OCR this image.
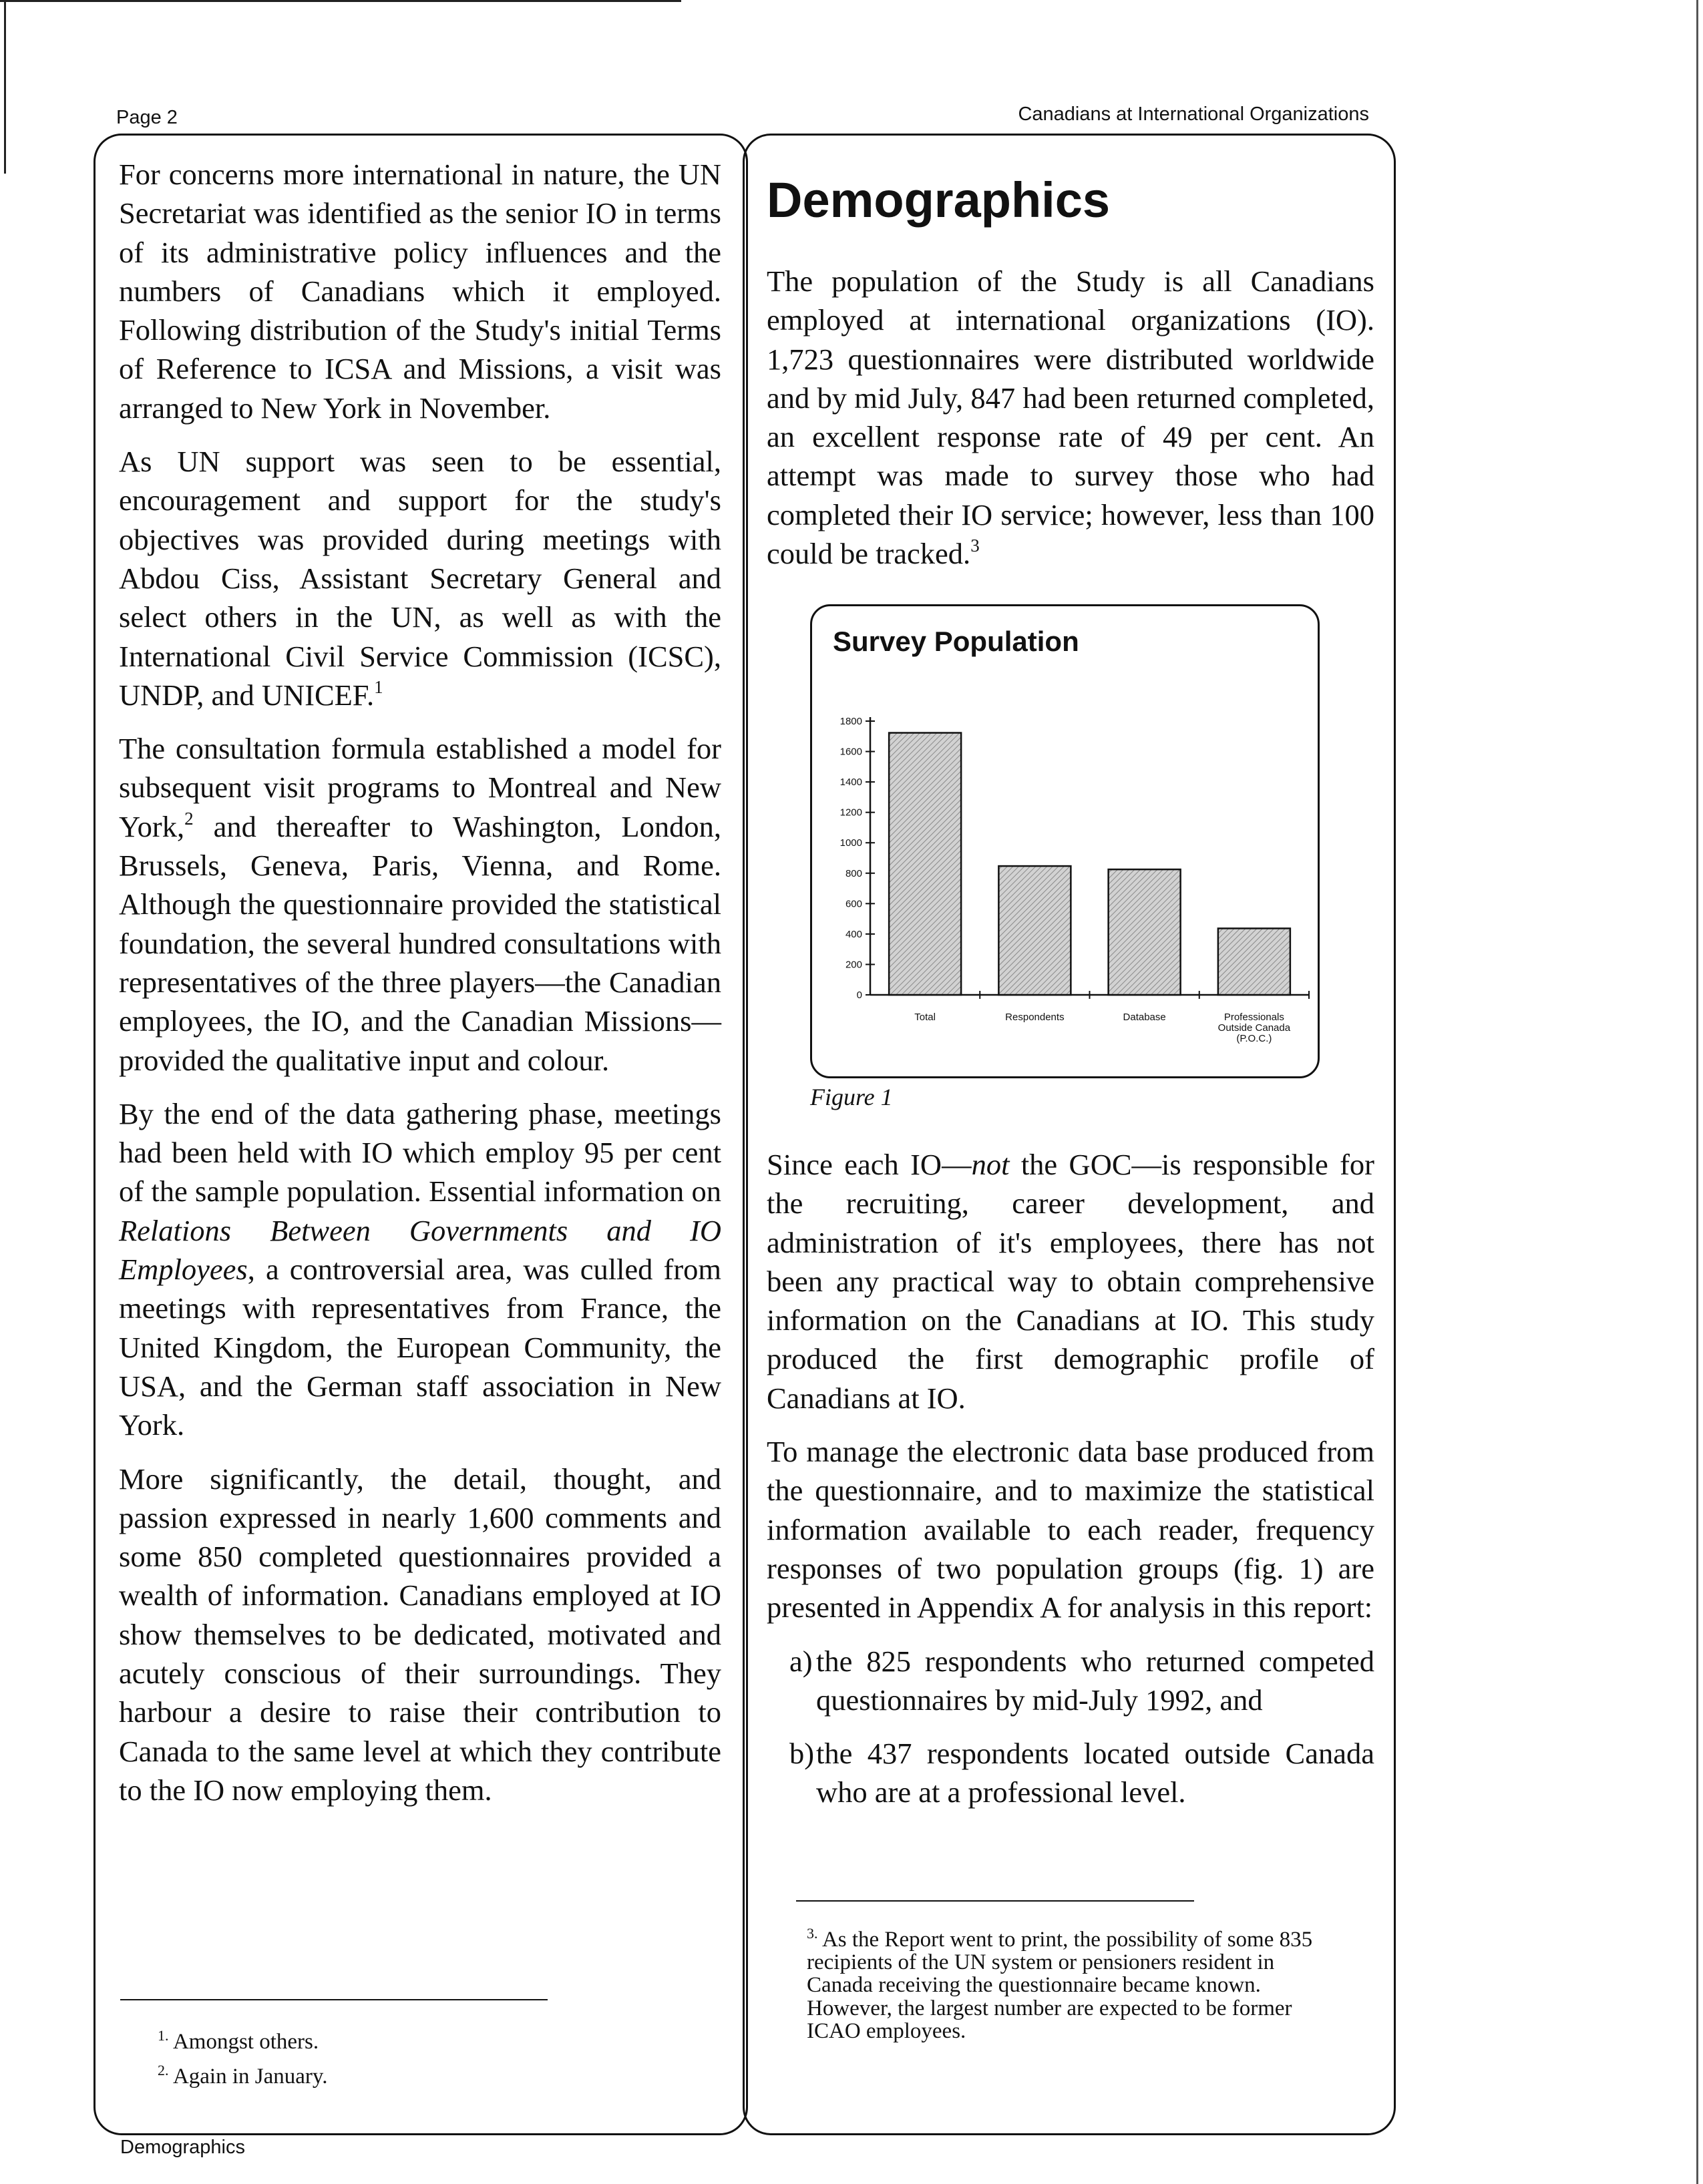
Page 2	Canadians at International Organizations

For concerns more international in nature, the UN Secretariat was identified as the senior IO in terms of its administrative policy influences and the numbers of Canadians which it employed. Following distribution of the Study's initial Terms of Reference to ICSA and Missions, a visit was arranged to New York in November.

As UN support was seen to be essential, encouragement and support for the study's objectives was provided during meetings with Abdou Ciss, Assistant Secretary General and select others in the UN, as well as with the International Civil Service Commission (ICSC), UNDP, and UNICEF.$^1$

The consultation formula established a model for subsequent visit programs to Montreal and New York,$^2$ and thereafter to Washington, London, Brussels, Geneva, Paris, Vienna, and Rome. Although the questionnaire provided the statistical foundation, the several hundred consultations with representatives of the three players—the Canadian employees, the IO, and the Canadian Missions—provided the qualitative input and colour.

By the end of the data gathering phase, meetings had been held with IO which employ 95 per cent of the sample population. Essential information on Relations Between Governments and IO Employees, a controversial area, was culled from meetings with representatives from France, the United Kingdom, the European Community, the USA, and the German staff association in New York.

More significantly, the detail, thought, and passion expressed in nearly 1,600 comments and some 850 completed questionnaires provided a wealth of information. Canadians employed at IO show themselves to be dedicated, motivated and acutely conscious of their surroundings. They harbour a desire to raise their contribution to Canada to the same level at which they contribute to the IO now employing them.

$^{1.}$ Amongst others.
$^{2.}$ Again in January.
Demographics

The population of the Study is all Canadians employed at international organizations (IO). 1,723 questionnaires were distributed worldwide and by mid July, 847 had been returned completed, an excellent response rate of 49 per cent. An attempt was made to survey those who had completed their IO service; however, less than 100 could be tracked.$^3$

Survey Population
0
200
400
600
800
1000
1200
1400
1600
1800
Total	Respondents	Database	Professionals
Outside Canada
(P.O.C.)
Figure 1

Since each IO—not the GOC—is responsible for the recruiting, career development, and administration of it's employees, there has not been any practical way to obtain comprehensive information on the Canadians at IO. This study produced the first demographic profile of Canadians at IO.

To manage the electronic data base produced from the questionnaire, and to maximize the statistical information available to each reader, frequency responses of two population groups (fig. 1) are presented in Appendix A for analysis in this report:

a) the 825 respondents who returned competed questionnaires by mid-July 1992, and
b) the 437 respondents located outside Canada who are at a professional level.
$^{3.}$ As the Report went to print, the possibility of some 835 recipients of the UN system or pensioners resident in Canada receiving the questionnaire became known. However, the largest number are expected to be former ICAO employees.
Demographics
